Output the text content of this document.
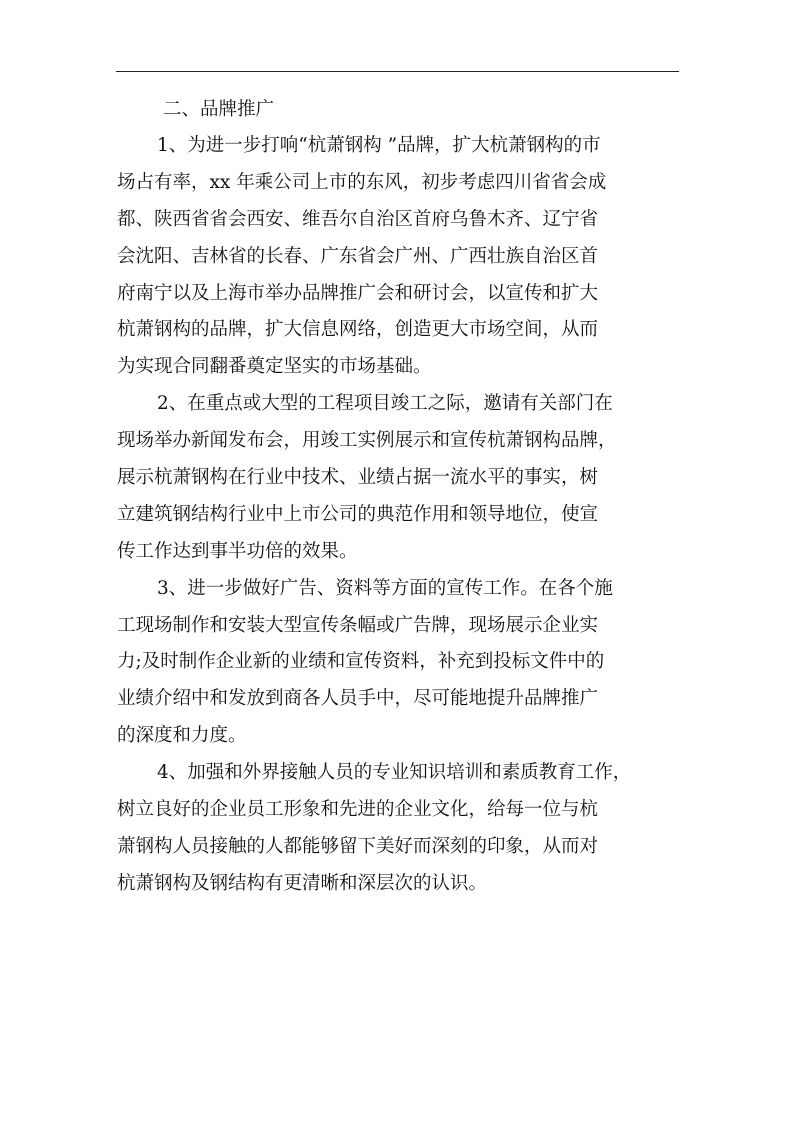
二、品牌推广

1、为进一步打响“杭萧钢构 ”品牌，扩大杭萧钢构的市
场占有率，xx 年乘公司上市的东风，初步考虑四川省省会成
都、陕西省省会西安、维吾尔自治区首府乌鲁木齐、辽宁省
会沈阳、吉林省的长春、广东省会广州、广西壮族自治区首
府南宁以及上海市举办品牌推广会和研讨会，以宣传和扩大
杭萧钢构的品牌，扩大信息网络，创造更大市场空间，从而
为实现合同翻番奠定坚实的市场基础。

2、在重点或大型的工程项目竣工之际，邀请有关部门在
现场举办新闻发布会，用竣工实例展示和宣传杭萧钢构品牌，
展示杭萧钢构在行业中技术、业绩占据一流水平的事实，树
立建筑钢结构行业中上市公司的典范作用和领导地位，使宣
传工作达到事半功倍的效果。

3、进一步做好广告、资料等方面的宣传工作。在各个施
工现场制作和安装大型宣传条幅或广告牌，现场展示企业实
力;及时制作企业新的业绩和宣传资料，补充到投标文件中的
业绩介绍中和发放到商各人员手中，尽可能地提升品牌推广
的深度和力度。

4、加强和外界接触人员的专业知识培训和素质教育工作，
树立良好的企业员工形象和先进的企业文化，给每一位与杭
萧钢构人员接触的人都能够留下美好而深刻的印象，从而对
杭萧钢构及钢结构有更清晰和深层次的认识。
